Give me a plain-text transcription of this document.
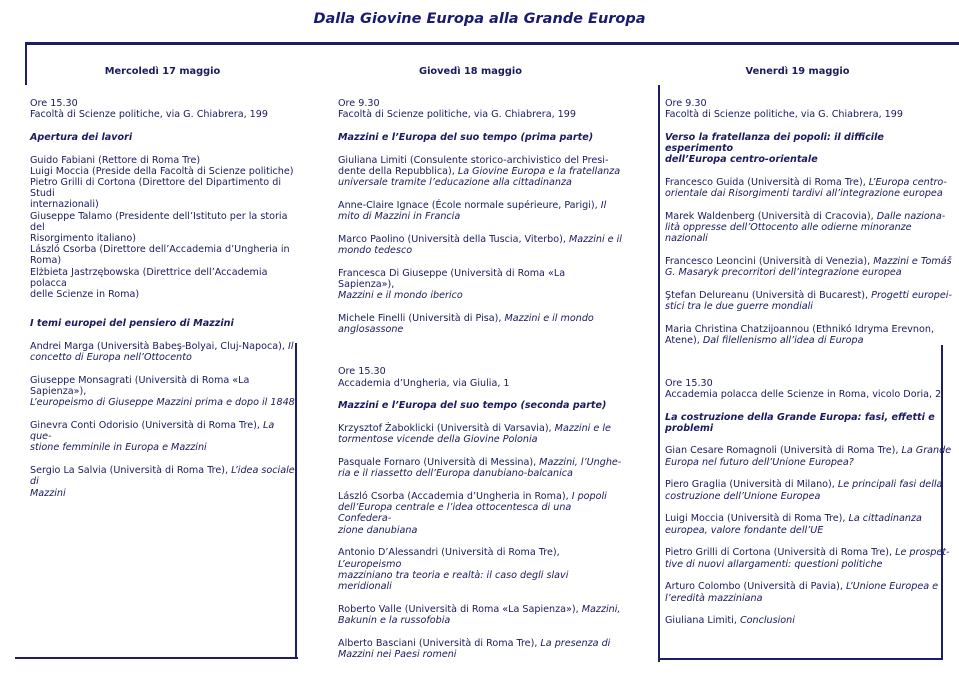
Dalla Giovine Europa alla Grande Europa
Mercoledì 17 maggio	Giovedì 18 maggio	Venerdì 19 maggio
Ore 15.30
Facoltà di Scienze politiche, via G. Chiabrera, 199
Apertura dei lavori
Guido Fabiani (Rettore di Roma Tre)
Luigi Moccia (Preside della Facoltà di Scienze politiche)
Pietro Grilli di Cortona (Direttore del Dipartimento di Studi
internazionali)
Giuseppe Talamo (Presidente dell’Istituto per la storia del
Risorgimento italiano)
László Csorba (Direttore dell’Accademia d’Ungheria in
Roma)
Elżbieta Jastrzębowska (Direttrice dell’Accademia polacca
delle Scienze in Roma)
I temi europei del pensiero di Mazzini
Andrei Marga (Università Babeş-Bolyai, Cluj-Napoca), Il
concetto di Europa nell’Ottocento
Giuseppe Monsagrati (Università di Roma «La Sapienza»),
L’europeismo di Giuseppe Mazzini prima e dopo il 1848
Ginevra Conti Odorisio (Università di Roma Tre), La que-
stione femminile in Europa e Mazzini
Sergio La Salvia (Università di Roma Tre), L’idea sociale di
Mazzini
Ore 9.30
Facoltà di Scienze politiche, via G. Chiabrera, 199
Mazzini e l’Europa del suo tempo (prima parte)
Giuliana Limiti (Consulente storico-archivistico del Presi-
dente della Repubblica), La Giovine Europa e la fratellanza
universale tramite l’educazione alla cittadinanza
Anne-Claire Ignace (École normale supérieure, Parigi), Il
mito di Mazzini in Francia
Marco Paolino (Università della Tuscia, Viterbo), Mazzini e il
mondo tedesco
Francesca Di Giuseppe (Università di Roma «La Sapienza»),
Mazzini e il mondo iberico
Michele Finelli (Università di Pisa), Mazzini e il mondo
anglosassone
Ore 15.30
Accademia d’Ungheria, via Giulia, 1
Mazzini e l’Europa del suo tempo (seconda parte)
Krzysztof Żaboklicki (Università di Varsavia), Mazzini e le
tormentose vicende della Giovine Polonia
Pasquale Fornaro (Università di Messina), Mazzini, l’Unghe-
ria e il riassetto dell’Europa danubiano-balcanica
László Csorba (Accademia d’Ungheria in Roma), I popoli
dell’Europa centrale e l’idea ottocentesca di una Confedera-
zione danubiana
Antonio D’Alessandri (Università di Roma Tre), L’europeismo
mazziniano tra teoria e realtà: il caso degli slavi meridionali
Roberto Valle (Università di Roma «La Sapienza»), Mazzini,
Bakunin e la russofobia
Alberto Basciani (Università di Roma Tre), La presenza di
Mazzini nei Paesi romeni
Ore 9.30
Facoltà di Scienze politiche, via G. Chiabrera, 199
Verso la fratellanza dei popoli: il difficile esperimento
dell’Europa centro-orientale
Francesco Guida (Università di Roma Tre), L’Europa centro-
orientale dai Risorgimenti tardivi all’integrazione europea
Marek Waldenberg (Università di Cracovia), Dalle naziona-
lità oppresse dell’Ottocento alle odierne minoranze nazionali
Francesco Leoncini (Università di Venezia), Mazzini e Tomáš
G. Masaryk precorritori dell’integrazione europea
Ştefan Delureanu (Università di Bucarest), Progetti europei-
stici tra le due guerre mondiali
Maria Christina Chatzijoannou (Ethnikó Idryma Erevnon,
Atene), Dal filellenismo all’idea di Europa
Ore 15.30
Accademia polacca delle Scienze in Roma, vicolo Doria, 2
La costruzione della Grande Europa: fasi, effetti e
problemi
Gian Cesare Romagnoli (Università di Roma Tre), La Grande
Europa nel futuro dell’Unione Europea?
Piero Graglia (Università di Milano), Le principali fasi della
costruzione dell’Unione Europea
Luigi Moccia (Università di Roma Tre), La cittadinanza
europea, valore fondante dell’UE
Pietro Grilli di Cortona (Università di Roma Tre), Le prospet-
tive di nuovi allargamenti: questioni politiche
Arturo Colombo (Università di Pavia), L’Unione Europea e
l’eredità mazziniana
Giuliana Limiti, Conclusioni
